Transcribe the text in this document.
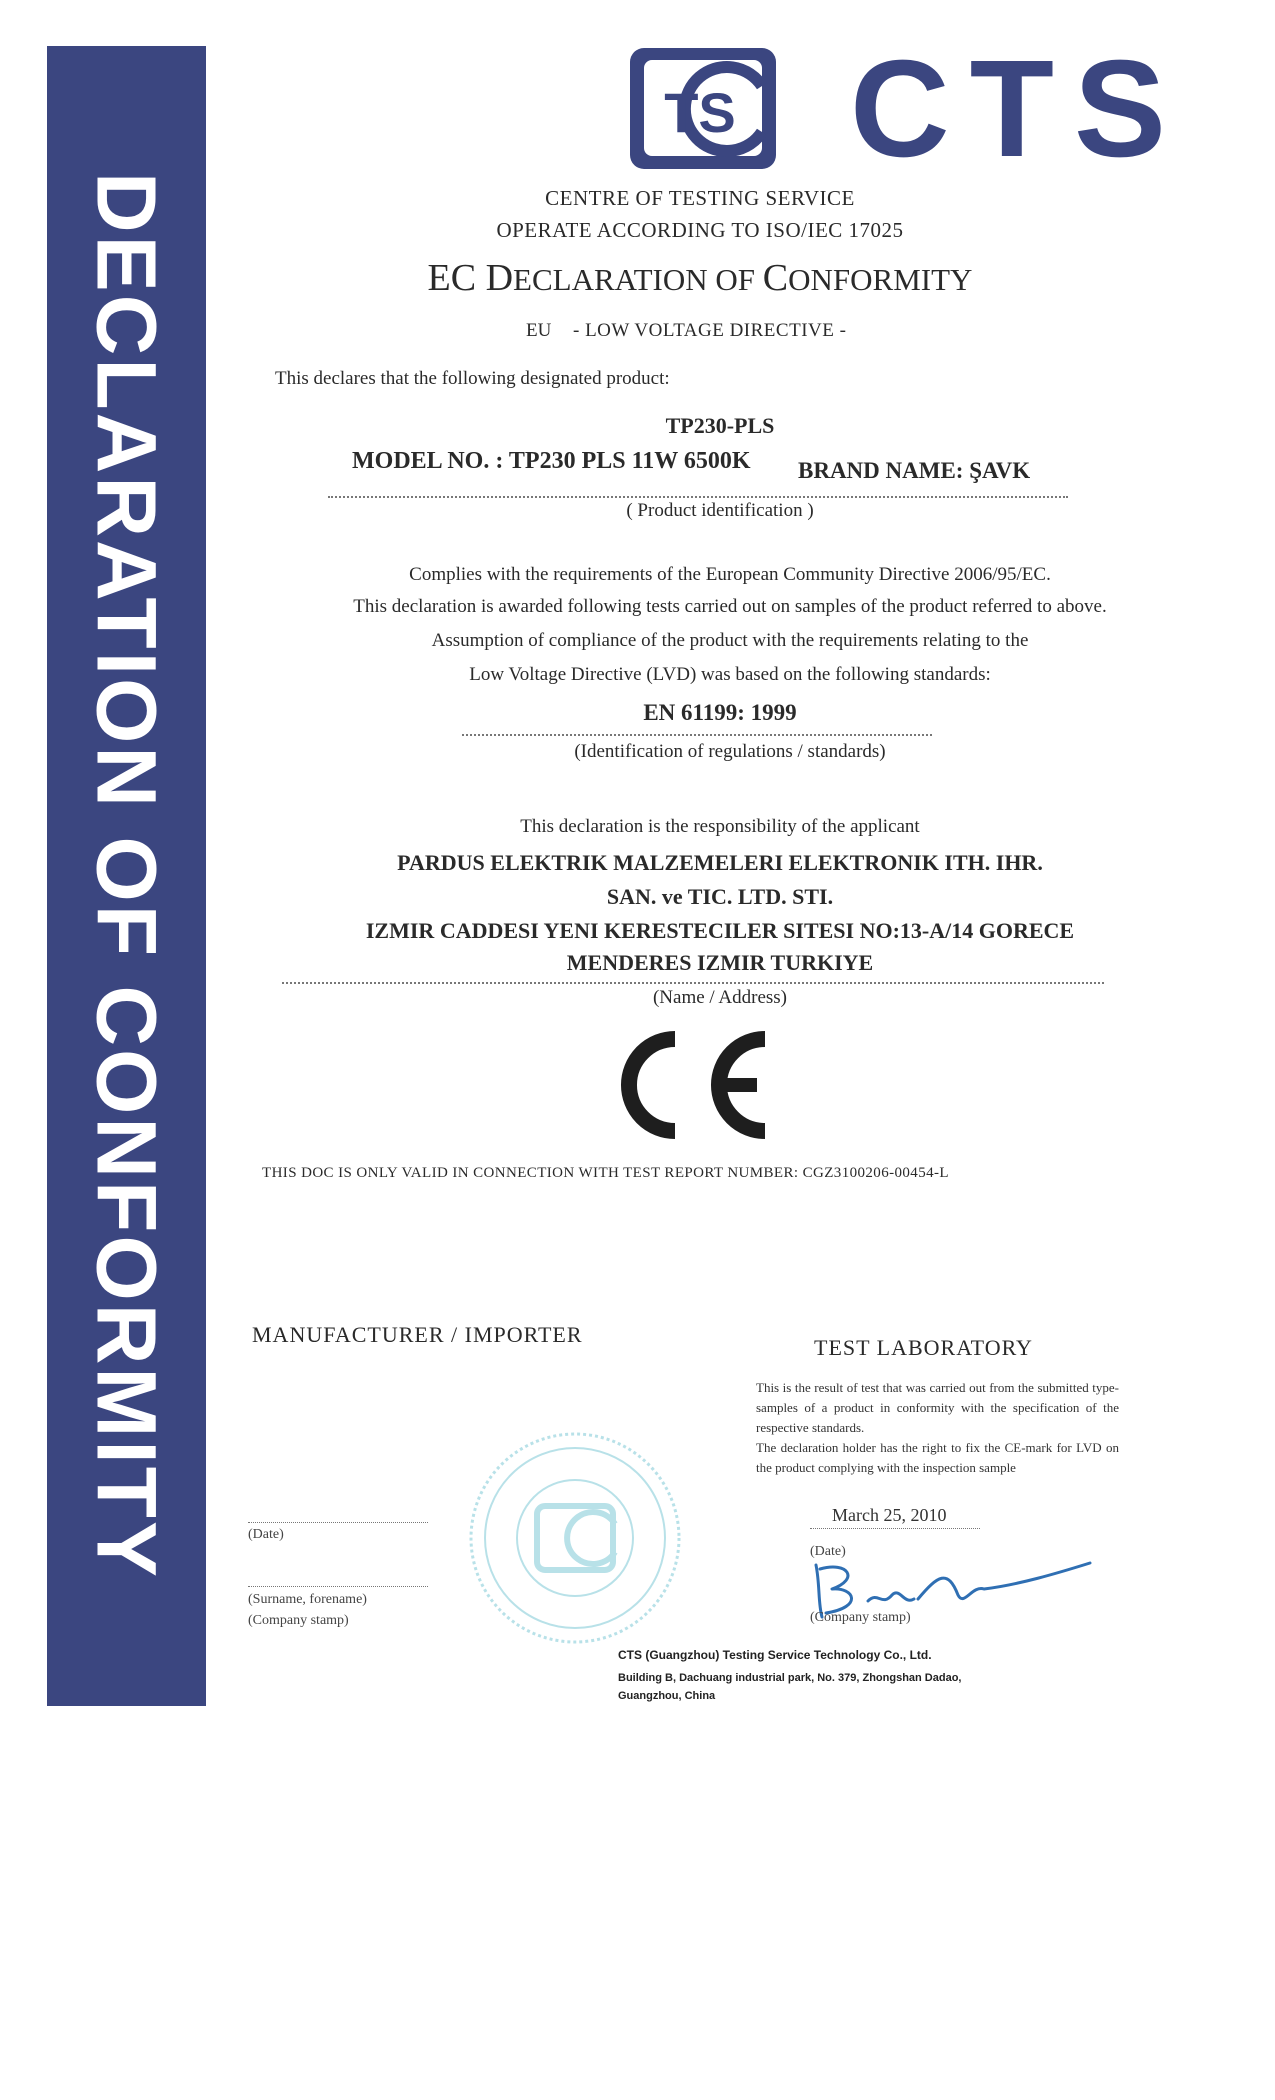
DECLARATION OF CONFORMITY
TS CTS
CENTRE OF TESTING SERVICE
OPERATE ACCORDING TO ISO/IEC 17025
EC DECLARATION OF CONFORMITY
EU - LOW VOLTAGE DIRECTIVE -
This declares that the following designated product:
TP230-PLS
MODEL NO. : TP230 PLS 11W 6500K BRAND NAME: ŞAVK
( Product identification )
Complies with the requirements of the European Community Directive 2006/95/EC.
This declaration is awarded following tests carried out on samples of the product referred to above.
Assumption of compliance of the product with the requirements relating to the
Low Voltage Directive (LVD) was based on the following standards:
EN 61199: 1999
(Identification of regulations / standards)
This declaration is the responsibility of the applicant
PARDUS ELEKTRIK MALZEMELERI ELEKTRONIK ITH. IHR.
SAN. ve TIC. LTD. STI.
IZMIR CADDESI YENI KERESTECILER SITESI NO:13-A/14 GORECE
MENDERES IZMIR TURKIYE
(Name / Address)
THIS DOC IS ONLY VALID IN CONNECTION WITH TEST REPORT NUMBER: CGZ3100206-00454-L
MANUFACTURER / IMPORTER
(Date)
(Surname, forename)
(Company stamp)
TEST LABORATORY
This is the result of test that was carried out from the submitted type-samples of a product in conformity with the specification of the respective standards.
The declaration holder has the right to fix the CE-mark for LVD on the product complying with the inspection sample
March 25, 2010
(Date)
(Company stamp)
CTS (Guangzhou) Testing Service Technology Co., Ltd.
Building B, Dachuang industrial park, No. 379, Zhongshan Dadao,
Guangzhou, China
